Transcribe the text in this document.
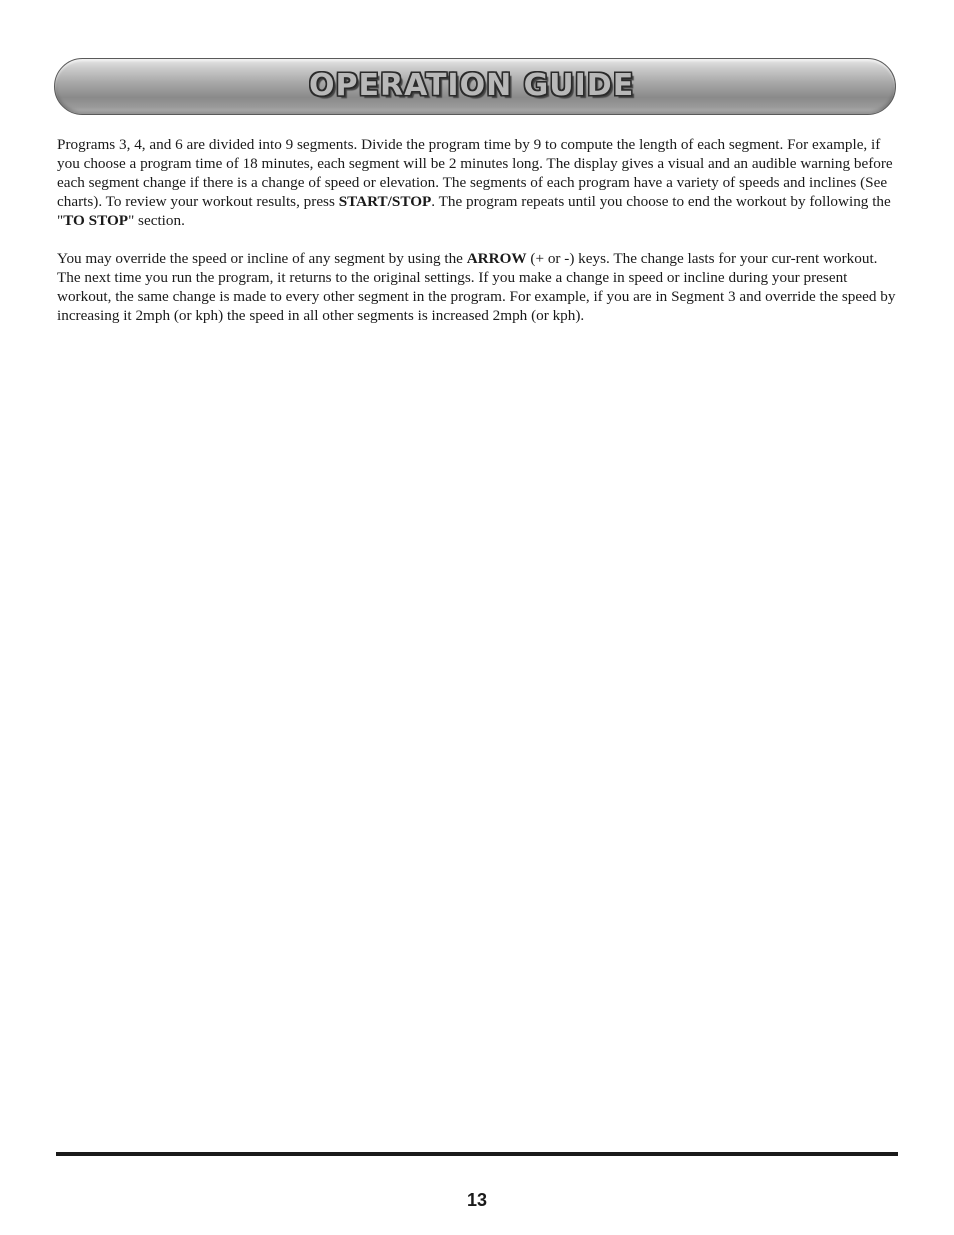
OPERATION GUIDE

Programs 3, 4, and 6 are divided into 9 segments. Divide the program time by 9 to compute the length of each segment. For example, if you choose a program time of 18 minutes, each segment will be 2 minutes long. The display gives a visual and an audible warning before each segment change if there is a change of speed or elevation. The segments of each program have a variety of speeds and inclines (See charts). To review your workout results, press START/STOP. The program repeats until you choose to end the workout by following the "TO STOP" section.

You may override the speed or incline of any segment by using the ARROW (+ or -) keys. The change lasts for your cur-rent workout. The next time you run the program, it returns to the original settings. If you make a change in speed or incline during your present workout, the same change is made to every other segment in the program. For example, if you are in Segment 3 and override the speed by increasing it 2mph (or kph) the speed in all other segments is increased 2mph (or kph).

13
